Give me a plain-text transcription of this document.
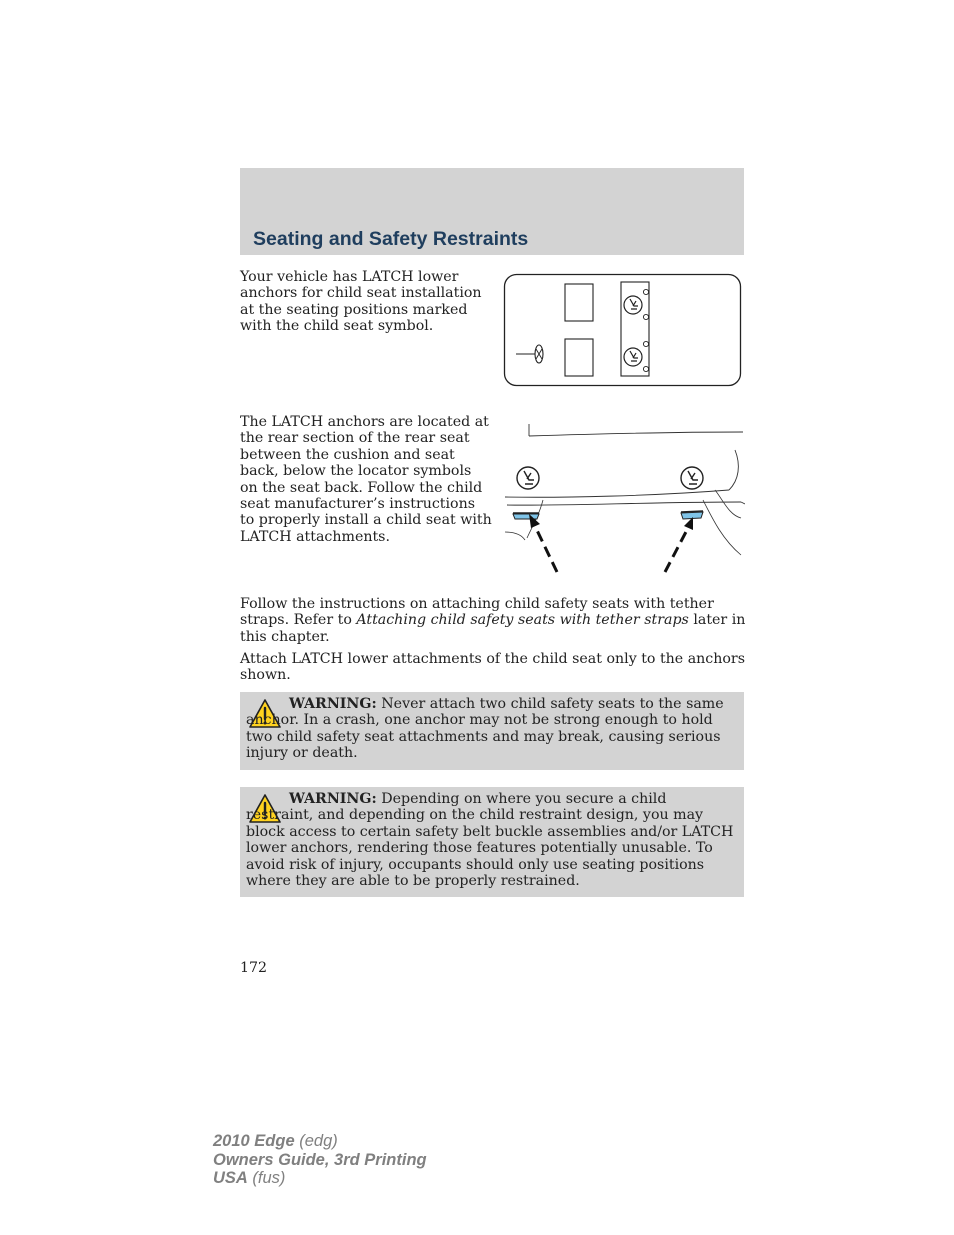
Seating and Safety Restraints

Your vehicle has LATCH lower anchors for child seat installation at the seating positions marked with the child seat symbol.

The LATCH anchors are located at the rear section of the rear seat between the cushion and seat back, below the locator symbols on the seat back. Follow the child seat manufacturer’s instructions to properly install a child seat with LATCH attachments.

Follow the instructions on attaching child safety seats with tether straps. Refer to Attaching child safety seats with tether straps later in this chapter.

Attach LATCH lower attachments of the child seat only to the anchors shown.

WARNING: Never attach two child safety seats to the same anchor. In a crash, one anchor may not be strong enough to hold two child safety seat attachments and may break, causing serious injury or death.

WARNING: Depending on where you secure a child restraint, and depending on the child restraint design, you may block access to certain safety belt buckle assemblies and/or LATCH lower anchors, rendering those features potentially unusable. To avoid risk of injury, occupants should only use seating positions where they are able to be properly restrained.

172

2010 Edge (edg)
Owners Guide, 3rd Printing
USA (fus)
